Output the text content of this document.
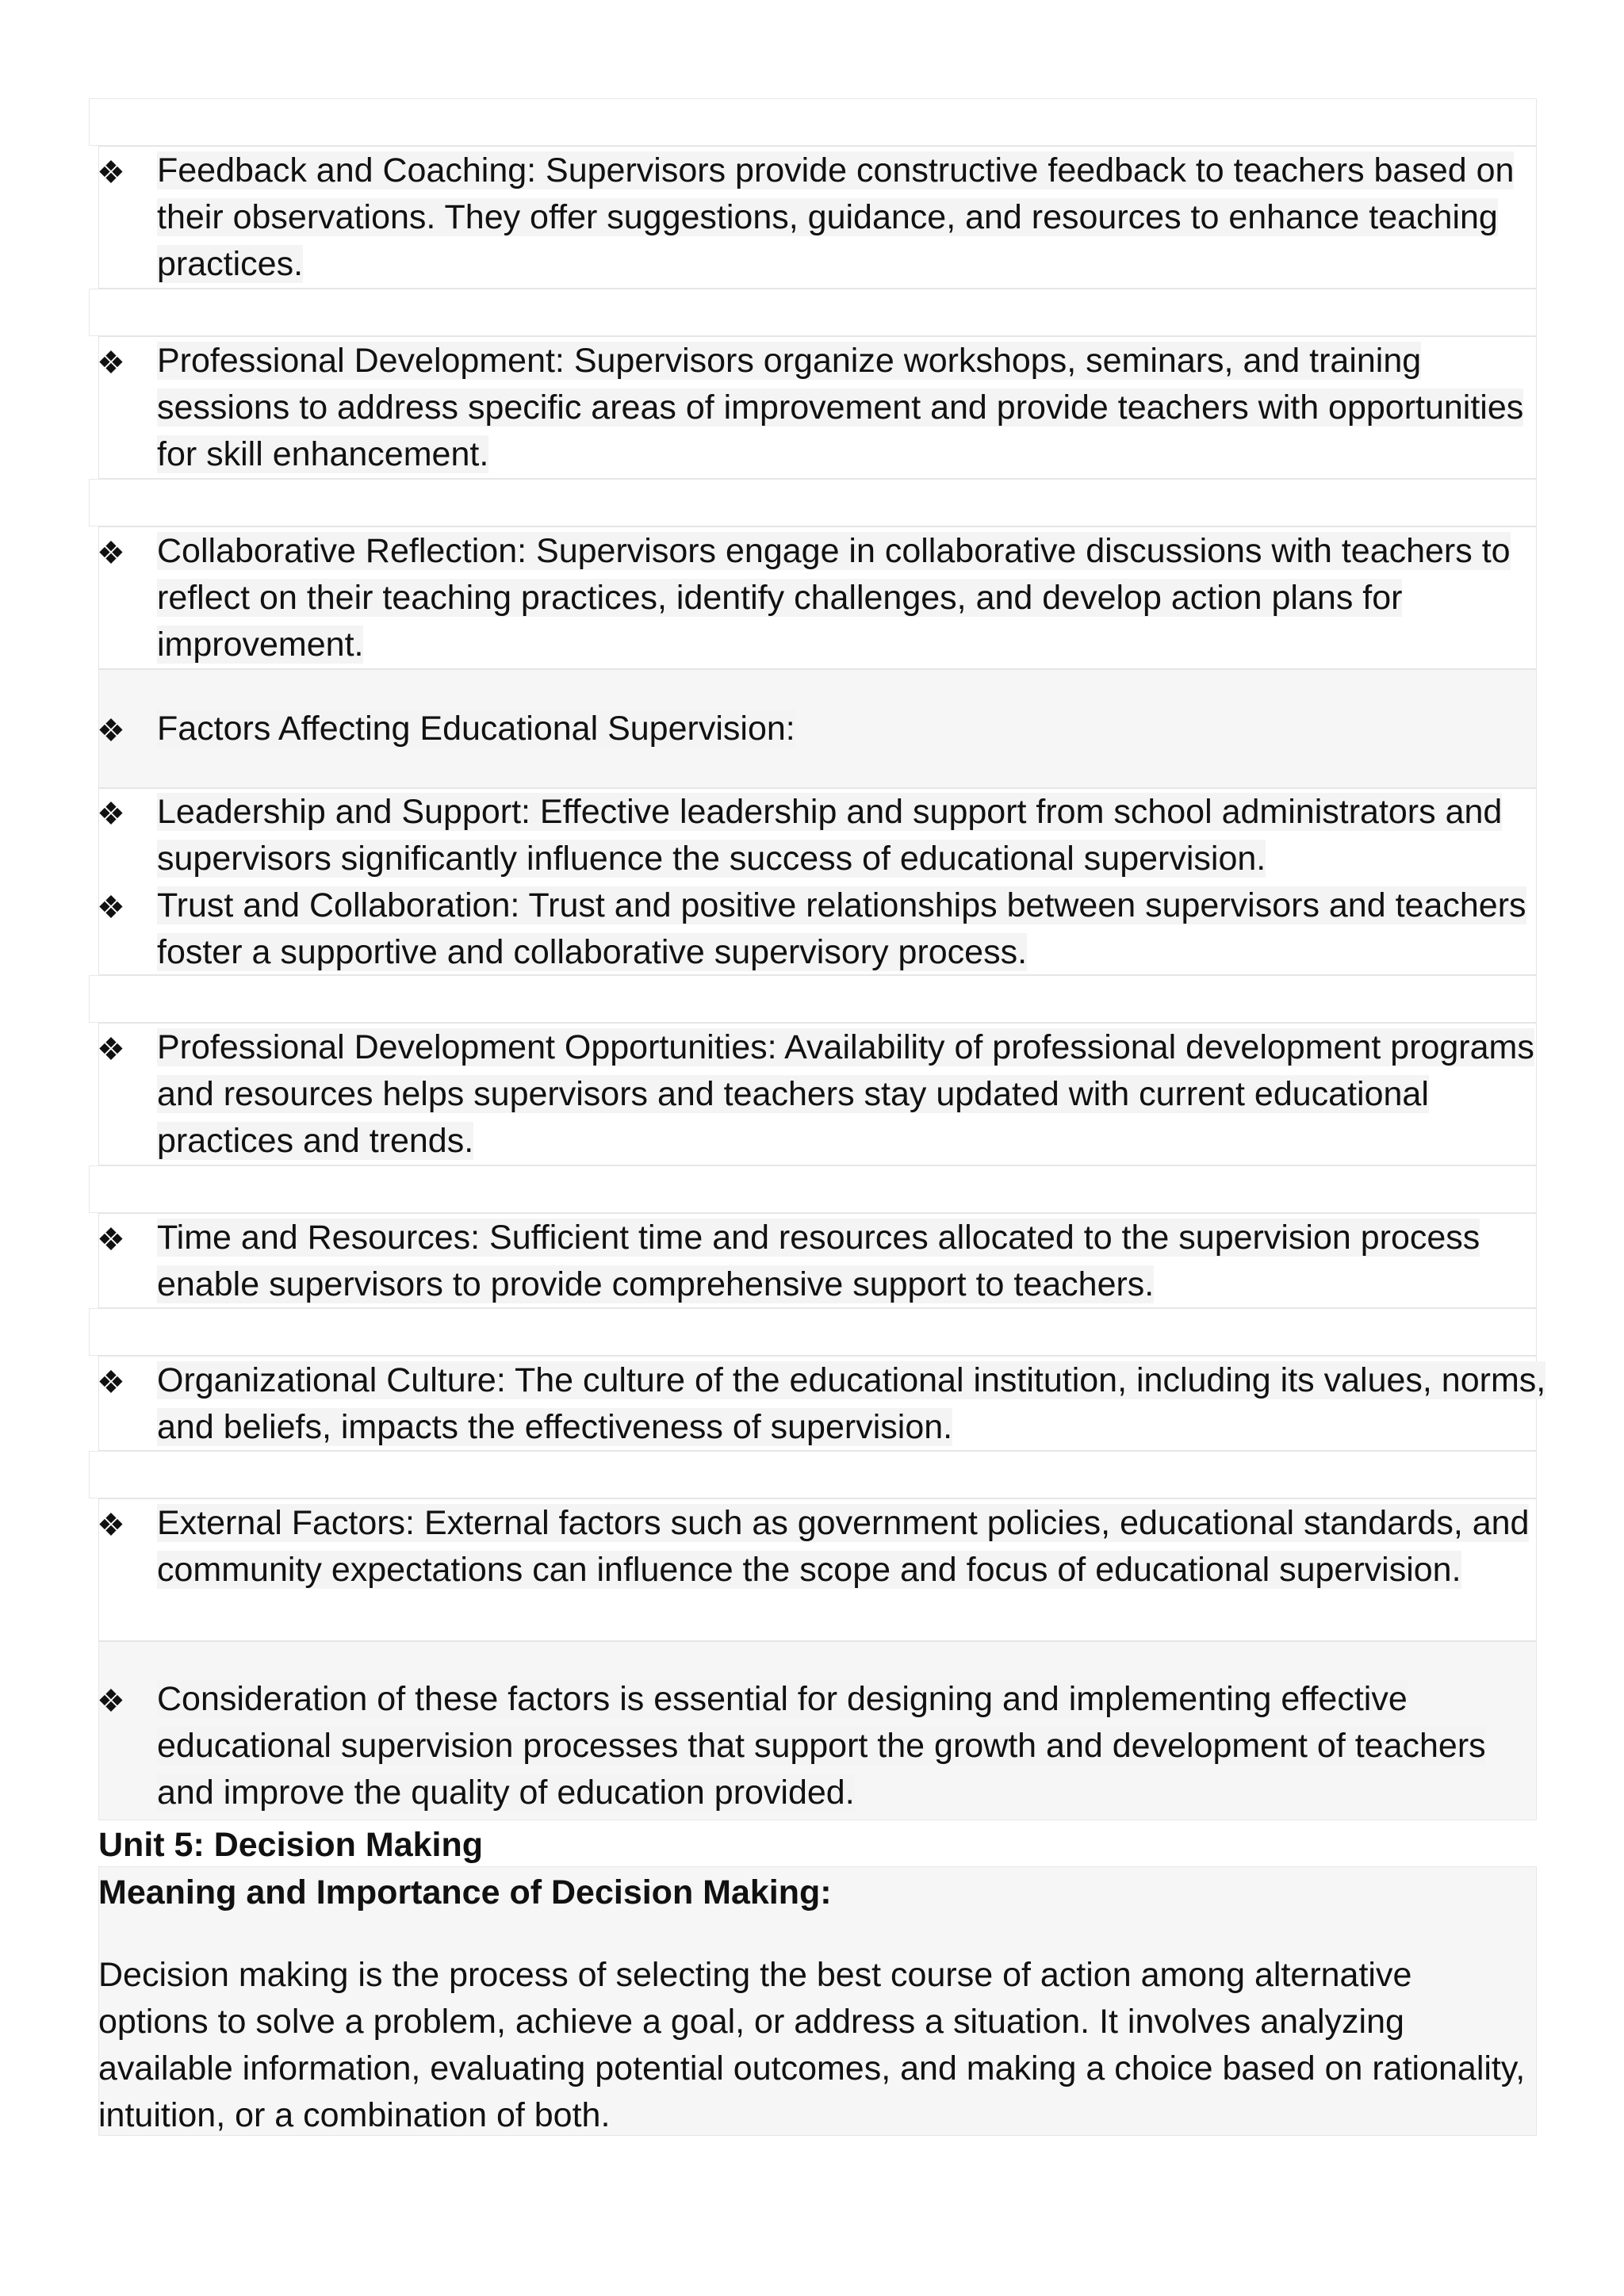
❖ Feedback and Coaching: Supervisors provide constructive feedback to teachers based on their observations. They offer suggestions, guidance, and resources to enhance teaching practices.
❖ Professional Development: Supervisors organize workshops, seminars, and training sessions to address specific areas of improvement and provide teachers with opportunities for skill enhancement.
❖ Collaborative Reflection: Supervisors engage in collaborative discussions with teachers to reflect on their teaching practices, identify challenges, and develop action plans for improvement.
❖ Factors Affecting Educational Supervision:
❖ Leadership and Support: Effective leadership and support from school administrators and supervisors significantly influence the success of educational supervision.
❖ Trust and Collaboration: Trust and positive relationships between supervisors and teachers foster a supportive and collaborative supervisory process.
❖ Professional Development Opportunities: Availability of professional development programs and resources helps supervisors and teachers stay updated with current educational practices and trends.
❖ Time and Resources: Sufficient time and resources allocated to the supervision process enable supervisors to provide comprehensive support to teachers.
❖ Organizational Culture: The culture of the educational institution, including its values, norms, and beliefs, impacts the effectiveness of supervision.
❖ External Factors: External factors such as government policies, educational standards, and community expectations can influence the scope and focus of educational supervision.
❖ Consideration of these factors is essential for designing and implementing effective educational supervision processes that support the growth and development of teachers and improve the quality of education provided.
Unit 5: Decision Making
Meaning and Importance of Decision Making:
Decision making is the process of selecting the best course of action among alternative options to solve a problem, achieve a goal, or address a situation. It involves analyzing available information, evaluating potential outcomes, and making a choice based on rationality, intuition, or a combination of both.
